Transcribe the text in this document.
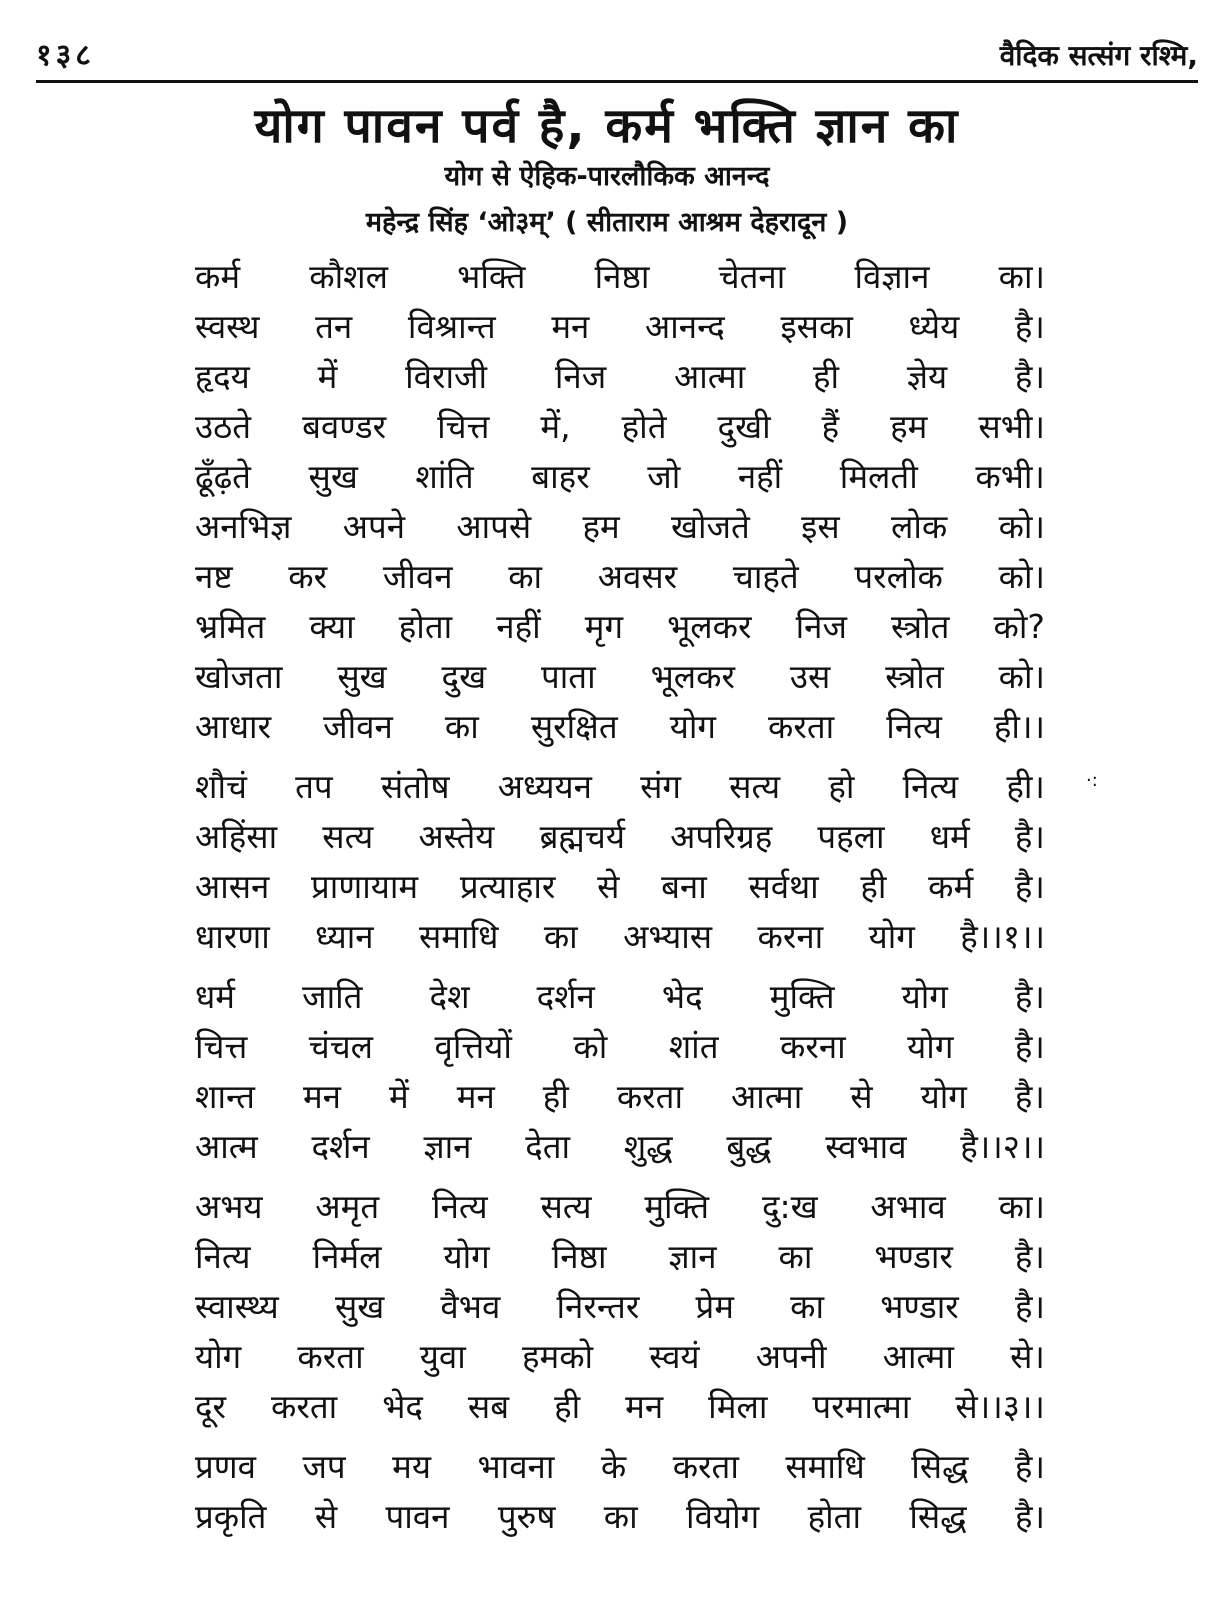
१३८	वैदिक सत्संग रश्मि,
योग पावन पर्व है, कर्म भक्ति ज्ञान का
योग से ऐहिक-पारलौकिक आनन्द
महेन्द्र सिंह ‘ओ३म्’ ( सीताराम आश्रम देहरादून )
कर्म कौशल भक्ति निष्ठा चेतना विज्ञान का।
स्वस्थ तन विश्रान्त मन आनन्द इसका ध्येय है।
हृदय में विराजी निज आत्मा ही ज्ञेय है।
उठते बवण्डर चित्त में, होते दुखी हैं हम सभी।
ढूँढ़ते सुख शांति बाहर जो नहीं मिलती कभी।
अनभिज्ञ अपने आपसे हम खोजते इस लोक को।
नष्ट कर जीवन का अवसर चाहते परलोक को।
भ्रमित क्या होता नहीं मृग भूलकर निज स्त्रोत को?
खोजता सुख दुख पाता भूलकर उस स्त्रोत को।
आधार जीवन का सुरक्षित योग करता नित्य ही।।
शौचं तप संतोष अध्ययन संग सत्य हो नित्य ही।
अहिंसा सत्य अस्तेय ब्रह्मचर्य अपरिग्रह पहला धर्म है।
आसन प्राणायाम प्रत्याहार से बना सर्वथा ही कर्म है।
धारणा ध्यान समाधि का अभ्यास करना योग है।।१।।
धर्म जाति देश दर्शन भेद मुक्ति योग है।
चित्त चंचल वृत्तियों को शांत करना योग है।
शान्त मन में मन ही करता आत्मा से योग है।
आत्म दर्शन ज्ञान देता शुद्ध बुद्ध स्वभाव है।।२।।
अभय अमृत नित्य सत्य मुक्ति दु:ख अभाव का।
नित्य निर्मल योग निष्ठा ज्ञान का भण्डार है।
स्वास्थ्य सुख वैभव निरन्तर प्रेम का भण्डार है।
योग करता युवा हमको स्वयं अपनी आत्मा से।
दूर करता भेद सब ही मन मिला परमात्मा से।।३।।
प्रणव जप मय भावना के करता समाधि सिद्ध है।
प्रकृति से पावन पुरुष का वियोग होता सिद्ध है।
·:
